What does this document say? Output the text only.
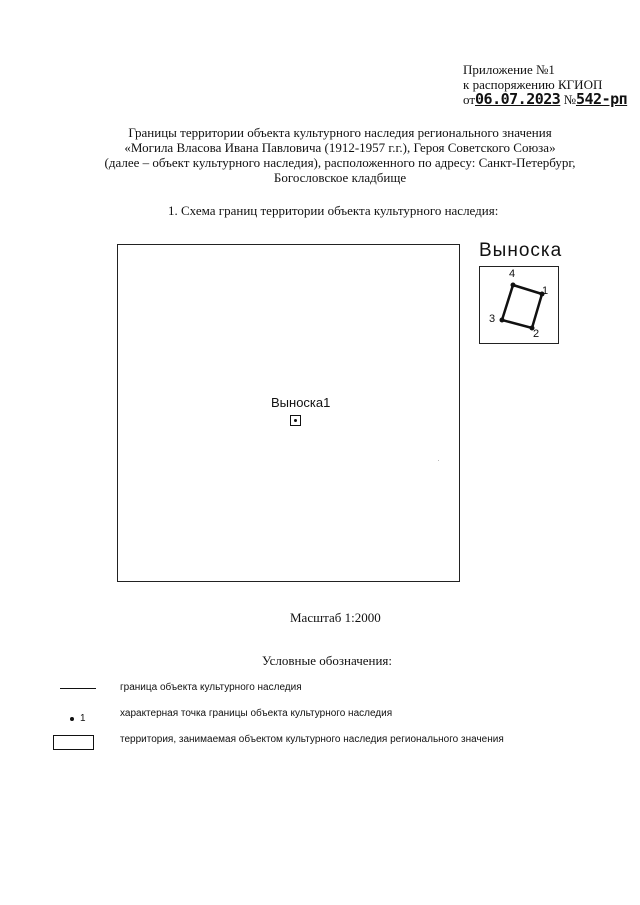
Приложение №1
к распоряжению КГИОП
от06.07.2023 №542-рп
Границы территории объекта культурного наследия регионального значения
«Могила Власова Ивана Павловича (1912-1957 г.г.), Героя Советского Союза»
(далее – объект культурного наследия), расположенного по адресу: Санкт-Петербург,
Богословское кладбище
1. Схема границ территории объекта культурного наследия:
Выноска1
Выноска
1
2
3
4
Масштаб 1:2000
Условные обозначения:
граница объекта культурного наследия
1	характерная точка границы объекта культурного наследия
территория, занимаемая объектом культурного наследия регионального значения
